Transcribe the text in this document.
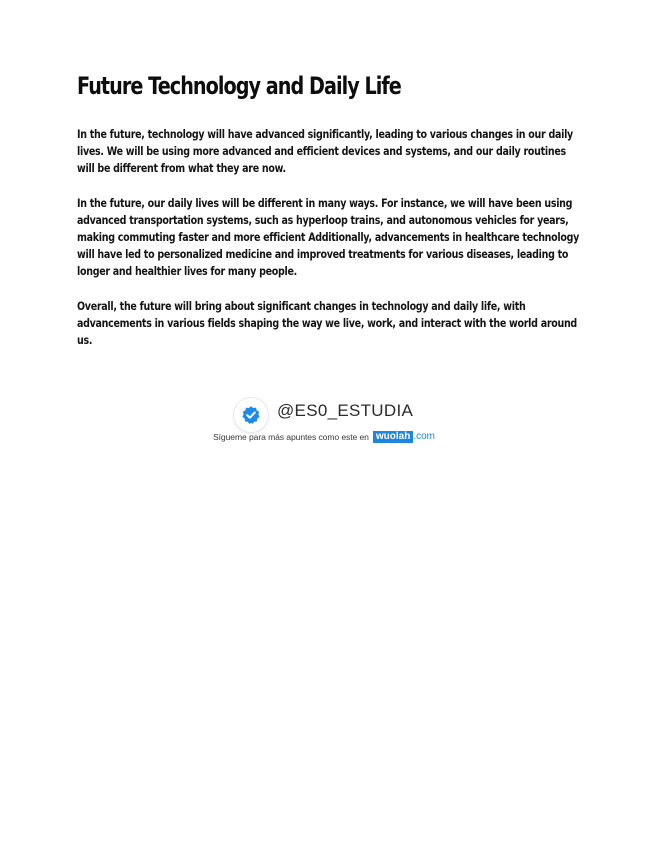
Future Technology and Daily Life

In the future, technology will have advanced significantly, leading to various changes in our daily lives. We will be using more advanced and efficient devices and systems, and our daily routines will be different from what they are now.

In the future, our daily lives will be different in many ways. For instance, we will have been using advanced transportation systems, such as hyperloop trains, and autonomous vehicles for years, making commuting faster and more efficient Additionally, advancements in healthcare technology will have led to personalized medicine and improved treatments for various diseases, leading to longer and healthier lives for many people.

Overall, the future will bring about significant changes in technology and daily life, with advancements in various fields shaping the way we live, work, and interact with the world around us.

@ES0_ESTUDIA
Sígueme para más apuntes como este en wuolah .com
